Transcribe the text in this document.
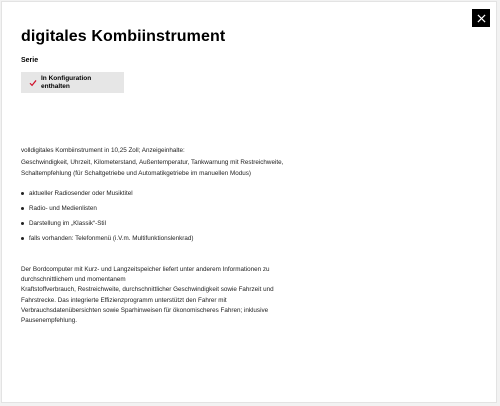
digitales Kombiinstrument
Serie
In Konfiguration
enthalten
volldigitales Kombiinstrument in 10,25 Zoll; Anzeigeinhalte:
Geschwindigkeit, Uhrzeit, Kilometerstand, Außentemperatur, Tankwarnung mit Restreichweite,
Schaltempfehlung (für Schaltgetriebe und Automatikgetriebe im manuellen Modus)
aktueller Radiosender oder Musiktitel
Radio- und Medienlisten
Darstellung im „Klassik“-Stil
falls vorhanden: Telefonmenü (i.V.m. Multifunktionslenkrad)
Der Bordcomputer mit Kurz- und Langzeitspeicher liefert unter anderem Informationen zu
durchschnittlichem und momentanem
Kraftstoffverbrauch, Restreichweite, durchschnittlicher Geschwindigkeit sowie Fahrzeit und
Fahrstrecke. Das integrierte Effizienzprogramm unterstützt den Fahrer mit
Verbrauchsdatenübersichten sowie Sparhinweisen für ökonomischeres Fahren; inklusive
Pausenempfehlung.
